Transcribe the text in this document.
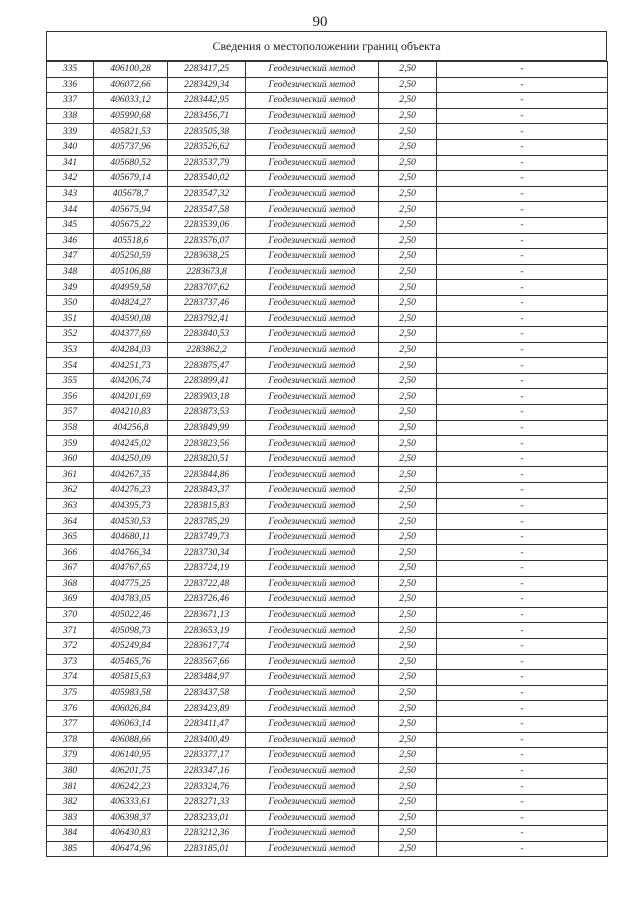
90
Сведения о местоположении границ объекта
335	406100,28	2283417,25	Геодезический метод	2,50	-
336	406072,66	2283429,34	Геодезический метод	2,50	-
337	406033,12	2283442,95	Геодезический метод	2,50	-
338	405990,68	2283456,71	Геодезический метод	2,50	-
339	405821,53	2283505,38	Геодезический метод	2,50	-
340	405737,96	2283526,62	Геодезический метод	2,50	-
341	405680,52	2283537,79	Геодезический метод	2,50	-
342	405679,14	2283540,02	Геодезический метод	2,50	-
343	405678,7	2283547,32	Геодезический метод	2,50	-
344	405675,94	2283547,58	Геодезический метод	2,50	-
345	405675,22	2283539,06	Геодезический метод	2,50	-
346	405518,6	2283576,07	Геодезический метод	2,50	-
347	405250,59	2283638,25	Геодезический метод	2,50	-
348	405106,88	2283673,8	Геодезический метод	2,50	-
349	404959,58	2283707,62	Геодезический метод	2,50	-
350	404824,27	2283737,46	Геодезический метод	2,50	-
351	404590,08	2283792,41	Геодезический метод	2,50	-
352	404377,69	2283840,53	Геодезический метод	2,50	-
353	404284,03	2283862,2	Геодезический метод	2,50	-
354	404251,73	2283875,47	Геодезический метод	2,50	-
355	404206,74	2283899,41	Геодезический метод	2,50	-
356	404201,69	2283903,18	Геодезический метод	2,50	-
357	404210,83	2283873,53	Геодезический метод	2,50	-
358	404256,8	2283849,99	Геодезический метод	2,50	-
359	404245,02	2283823,56	Геодезический метод	2,50	-
360	404250,09	2283820,51	Геодезический метод	2,50	-
361	404267,35	2283844,86	Геодезический метод	2,50	-
362	404276,23	2283843,37	Геодезический метод	2,50	-
363	404395,73	2283815,83	Геодезический метод	2,50	-
364	404530,53	2283785,29	Геодезический метод	2,50	-
365	404680,11	2283749,73	Геодезический метод	2,50	-
366	404766,34	2283730,34	Геодезический метод	2,50	-
367	404767,65	2283724,19	Геодезический метод	2,50	-
368	404775,25	2283722,48	Геодезический метод	2,50	-
369	404783,05	2283726,46	Геодезический метод	2,50	-
370	405022,46	2283671,13	Геодезический метод	2,50	-
371	405098,73	2283653,19	Геодезический метод	2,50	-
372	405249,84	2283617,74	Геодезический метод	2,50	-
373	405465,76	2283567,66	Геодезический метод	2,50	-
374	405815,63	2283484,97	Геодезический метод	2,50	-
375	405983,58	2283437,58	Геодезический метод	2,50	-
376	406026,84	2283423,89	Геодезический метод	2,50	-
377	406063,14	2283411,47	Геодезический метод	2,50	-
378	406088,66	2283400,49	Геодезический метод	2,50	-
379	406140,95	2283377,17	Геодезический метод	2,50	-
380	406201,75	2283347,16	Геодезический метод	2,50	-
381	406242,23	2283324,76	Геодезический метод	2,50	-
382	406333,61	2283271,33	Геодезический метод	2,50	-
383	406398,37	2283233,01	Геодезический метод	2,50	-
384	406430,83	2283212,36	Геодезический метод	2,50	-
385	406474,96	2283185,01	Геодезический метод	2,50	-
